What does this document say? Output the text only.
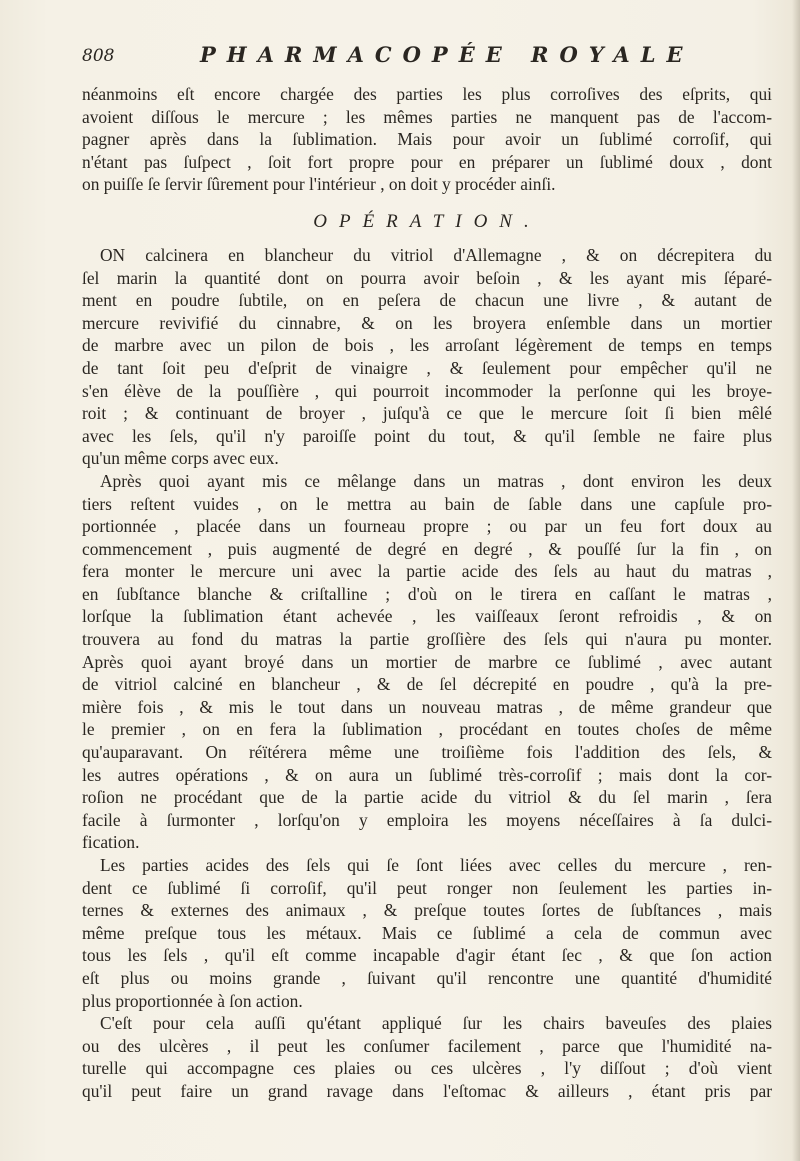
808	PHARMACOPÉE ROYALE
néanmoins eſt encore chargée des parties les plus corroſives des eſprits, qui
avoient diſſous le mercure ; les mêmes parties ne manquent pas de l'accom-
pagner après dans la ſublimation. Mais pour avoir un ſublimé corroſif, qui
n'étant pas ſuſpect , ſoit fort propre pour en préparer un ſublimé doux , dont
on puiſſe ſe ſervir ſûrement pour l'intérieur , on doit y procéder ainſi.
OPÉRATION.
ON calcinera en blancheur du vitriol d'Allemagne , & on décrepitera du
ſel marin la quantité dont on pourra avoir beſoin , & les ayant mis ſéparé-
ment en poudre ſubtile, on en peſera de chacun une livre , & autant de
mercure revivifié du cinnabre, & on les broyera enſemble dans un mortier
de marbre avec un pilon de bois , les arroſant légèrement de temps en temps
de tant ſoit peu d'eſprit de vinaigre , & ſeulement pour empêcher qu'il ne
s'en élève de la pouſſière , qui pourroit incommoder la perſonne qui les broye-
roit ; & continuant de broyer , juſqu'à ce que le mercure ſoit ſi bien mêlé
avec les ſels, qu'il n'y paroiſſe point du tout, & qu'il ſemble ne faire plus
qu'un même corps avec eux.
Après quoi ayant mis ce mêlange dans un matras , dont environ les deux
tiers reſtent vuides , on le mettra au bain de ſable dans une capſule pro-
portionnée , placée dans un fourneau propre ; ou par un feu fort doux au
commencement , puis augmenté de degré en degré , & pouſſé ſur la fin , on
fera monter le mercure uni avec la partie acide des ſels au haut du matras ,
en ſubſtance blanche & criſtalline ; d'où on le tirera en caſſant le matras ,
lorſque la ſublimation étant achevée , les vaiſſeaux ſeront refroidis , & on
trouvera au fond du matras la partie groſſière des ſels qui n'aura pu monter.
Après quoi ayant broyé dans un mortier de marbre ce ſublimé , avec autant
de vitriol calciné en blancheur , & de ſel décrepité en poudre , qu'à la pre-
mière fois , & mis le tout dans un nouveau matras , de même grandeur que
le premier , on en fera la ſublimation , procédant en toutes choſes de même
qu'auparavant. On réïtérera même une troiſième fois l'addition des ſels, &
les autres opérations , & on aura un ſublimé très-corroſif ; mais dont la cor-
roſion ne procédant que de la partie acide du vitriol & du ſel marin , ſera
facile à ſurmonter , lorſqu'on y emploira les moyens néceſſaires à ſa dulci-
fication.
Les parties acides des ſels qui ſe ſont liées avec celles du mercure , ren-
dent ce ſublimé ſi corroſif, qu'il peut ronger non ſeulement les parties in-
ternes & externes des animaux , & preſque toutes ſortes de ſubſtances , mais
même preſque tous les métaux. Mais ce ſublimé a cela de commun avec
tous les ſels , qu'il eſt comme incapable d'agir étant ſec , & que ſon action
eſt plus ou moins grande , ſuivant qu'il rencontre une quantité d'humidité
plus proportionnée à ſon action.
C'eſt pour cela auſſi qu'étant appliqué ſur les chairs baveuſes des plaies
ou des ulcères , il peut les conſumer facilement , parce que l'humidité na-
turelle qui accompagne ces plaies ou ces ulcères , l'y diſſout ; d'où vient
qu'il peut faire un grand ravage dans l'eſtomac & ailleurs , étant pris par
